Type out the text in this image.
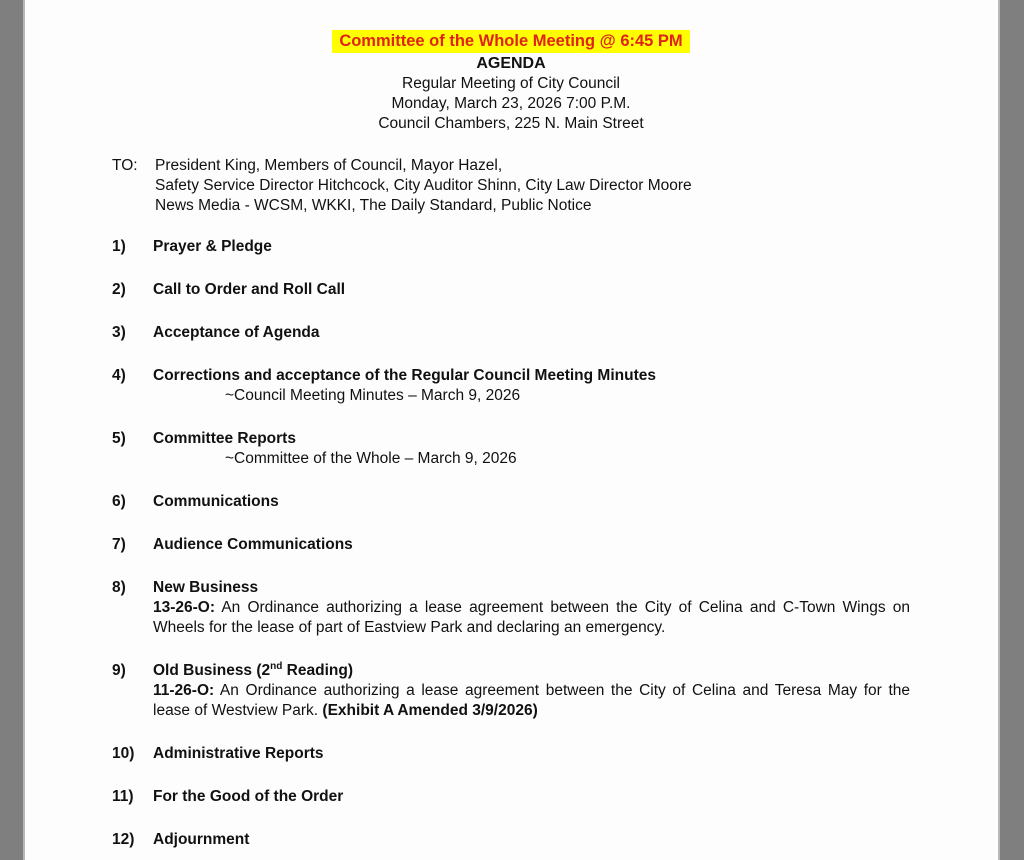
Committee of the Whole Meeting @ 6:45 PM
AGENDA
Regular Meeting of City Council
Monday, March 23, 2026 7:00 P.M.
Council Chambers, 225 N. Main Street
TO:	President King, Members of Council, Mayor Hazel,
Safety Service Director Hitchcock, City Auditor Shinn, City Law Director Moore
News Media - WCSM, WKKI, The Daily Standard, Public Notice
1)	Prayer & Pledge
2)	Call to Order and Roll Call
3)	Acceptance of Agenda
4)	Corrections and acceptance of the Regular Council Meeting Minutes
~Council Meeting Minutes – March 9, 2026
5)	Committee Reports
~Committee of the Whole – March 9, 2026
6)	Communications
7)	Audience Communications
8)	New Business

13-26-O: An Ordinance authorizing a lease agreement between the City of Celina and C-Town Wings on Wheels for the lease of part of Eastview Park and declaring an emergency.

9)	Old Business (2nd Reading)

11-26-O: An Ordinance authorizing a lease agreement between the City of Celina and Teresa May for the lease of Westview Park. (Exhibit A Amended 3/9/2026)

10)	Administrative Reports
11)	For the Good of the Order
12)	Adjournment
